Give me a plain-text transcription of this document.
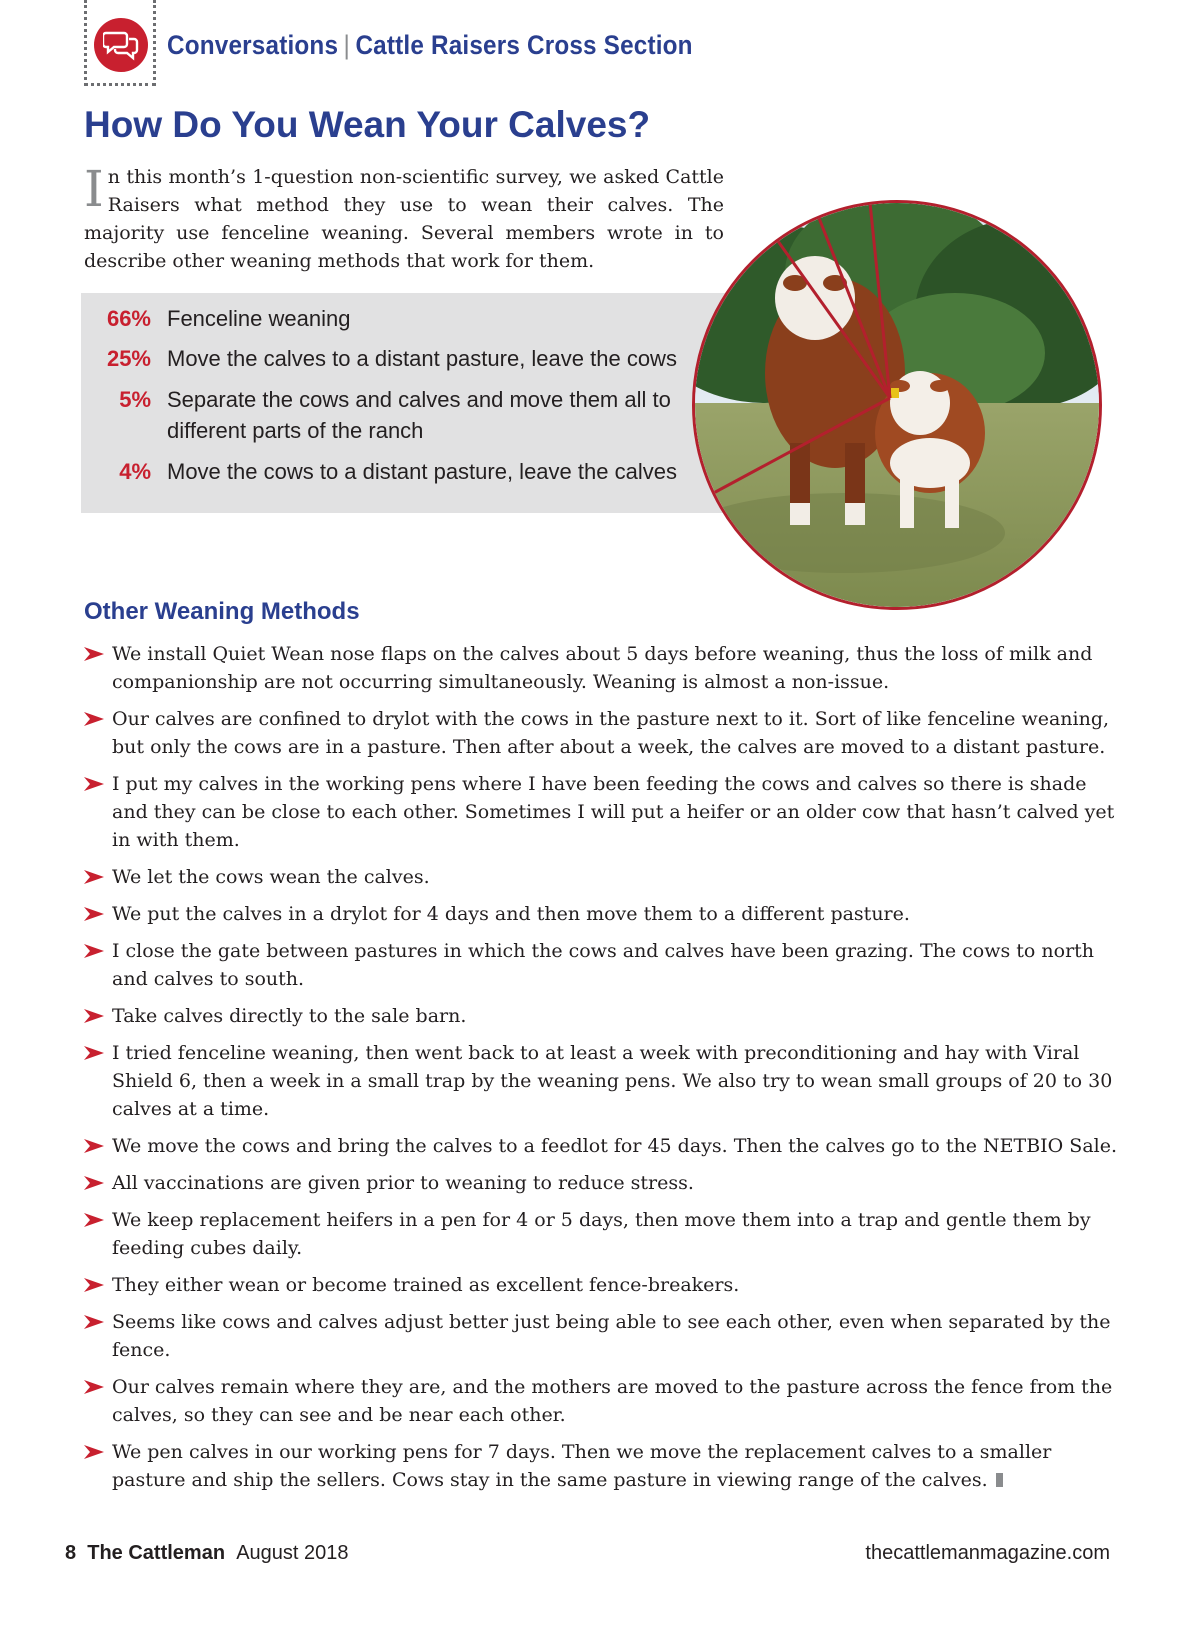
Conversations | Cattle Raisers Cross Section
How Do You Wean Your Calves?

In this month’s 1-question non-scientific survey, we asked Cattle Raisers what method they use to wean their calves. The majority use fenceline weaning. Several members wrote in to describe other weaning methods that work for them.

66% Fenceline weaning
25% Move the calves to a distant pasture, leave the cows
5% Separate the cows and calves and move them all to
different parts of the ranch
4% Move the cows to a distant pasture, leave the calves
Other Weaning Methods
We install Quiet Wean nose flaps on the calves about 5 days before weaning, thus the loss of milk and companionship are not occurring simultaneously. Weaning is almost a non-issue.
Our calves are confined to drylot with the cows in the pasture next to it. Sort of like fenceline weaning, but only the cows are in a pasture. Then after about a week, the calves are moved to a distant pasture.
I put my calves in the working pens where I have been feeding the cows and calves so there is shade and they can be close to each other. Sometimes I will put a heifer or an older cow that hasn’t calved yet in with them.
We let the cows wean the calves.
We put the calves in a drylot for 4 days and then move them to a different pasture.
I close the gate between pastures in which the cows and calves have been grazing. The cows to north and calves to south.
Take calves directly to the sale barn.
I tried fenceline weaning, then went back to at least a week with preconditioning and hay with Viral Shield 6, then a week in a small trap by the weaning pens. We also try to wean small groups of 20 to 30 calves at a time.
We move the cows and bring the calves to a feedlot for 45 days. Then the calves go to the NETBIO Sale.
All vaccinations are given prior to weaning to reduce stress.
We keep replacement heifers in a pen for 4 or 5 days, then move them into a trap and gentle them by feeding cubes daily.
They either wean or become trained as excellent fence-breakers.
Seems like cows and calves adjust better just being able to see each other, even when separated by the fence.
Our calves remain where they are, and the mothers are moved to the pasture across the fence from the calves, so they can see and be near each other.
We pen calves in our working pens for 7 days. Then we move the replacement calves to a smaller pasture and ship the sellers. Cows stay in the same pasture in viewing range of the calves.
8 The Cattleman August 2018	thecattlemanmagazine.com
